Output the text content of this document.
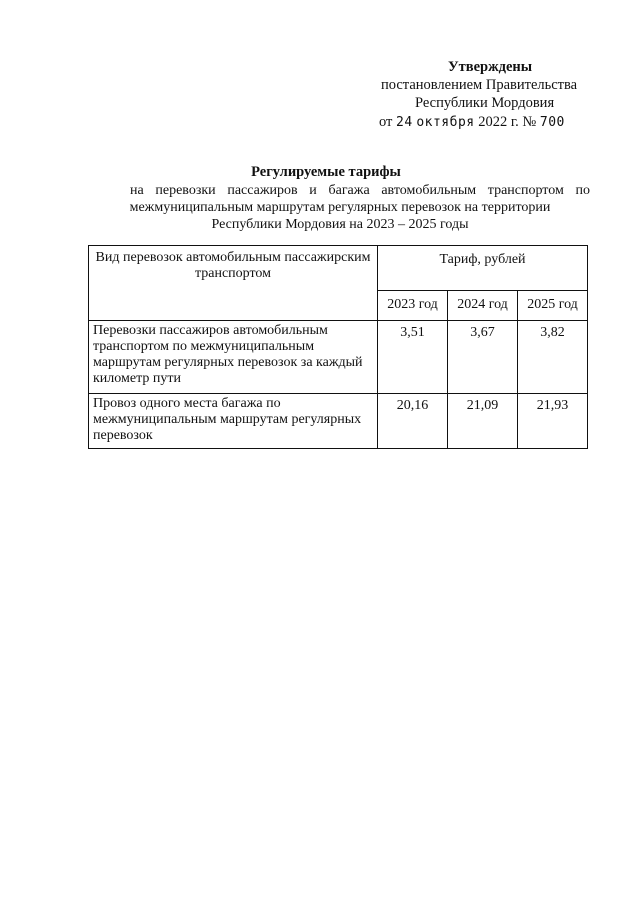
Утверждены
постановлением Правительства
Республики Мордовия
от 24 октября 2022 г. № 700
Регулируемые тарифы
на перевозки пассажиров и багажа автомобильным транспортом по
межмуниципальным маршрутам регулярных перевозок на территории
Республики Мордовия на 2023 – 2025 годы
Вид перевозок автомобильным пассажирским транспортом	Тариф, рублей		
	2023 год	2024 год	2025 год
Перевозки пассажиров автомобильным транспортом по межмуниципальным маршрутам регулярных перевозок за каждый километр пути	3,51	3,67	3,82
Провоз одного места багажа по межмуниципальным маршрутам регулярных перевозок	20,16	21,09	21,93
